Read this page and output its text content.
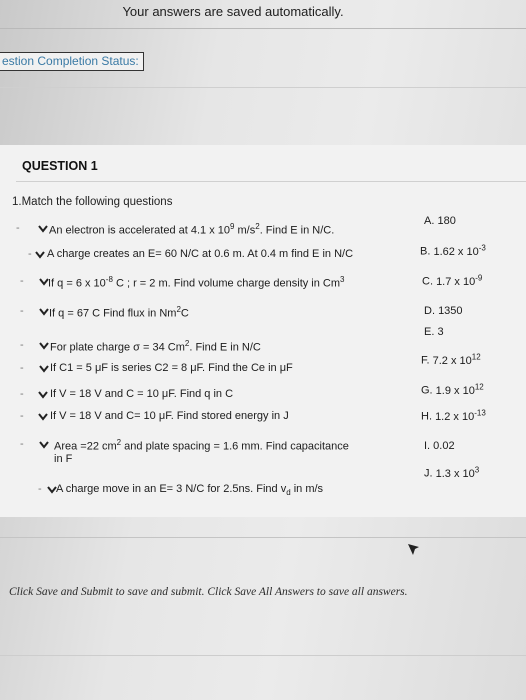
Your answers are saved automatically.
estion Completion Status:
QUESTION 1
1.Match the following questions
-	An electron is accelerated at 4.1 x $10^9$ $m/s^2$. Find E in N/C.
- A charge creates an E= 60 N/C at 0.6 m. At 0.4 m find E in N/C
- If q = 6 x $10^{-8}$ C ; r = 2 m. Find volume charge density in Cm$^3$
- If q = 67 C Find flux in Nm$^2$C
- For plate charge σ = 34 Cm$^2$. Find E in N/C
- If C1 = 5 μF is series C2 = 8 μF. Find the Ce in μF
- If V = 18 V and C = 10 μF. Find q in C
- If V = 18 V and C= 10 μF. Find stored energy in J
-	Area =22 $cm^2$ and plate spacing = 1.6 mm. Find capacitance
in F
- A charge move in an E= 3 N/C for 2.5ns. Find $v_d$ in m/s
A. 180
B. 1.62 x $10^{-3}$
C. 1.7 x $10^{-9}$
D. 1350
E. 3
F. 7.2 x $10^{12}$
G. 1.9 x $10^{12}$
H. 1.2 x $10^{-13}$
I. 0.02
J. 1.3 x $10^3$
Click Save and Submit to save and submit. Click Save All Answers to save all answers.
